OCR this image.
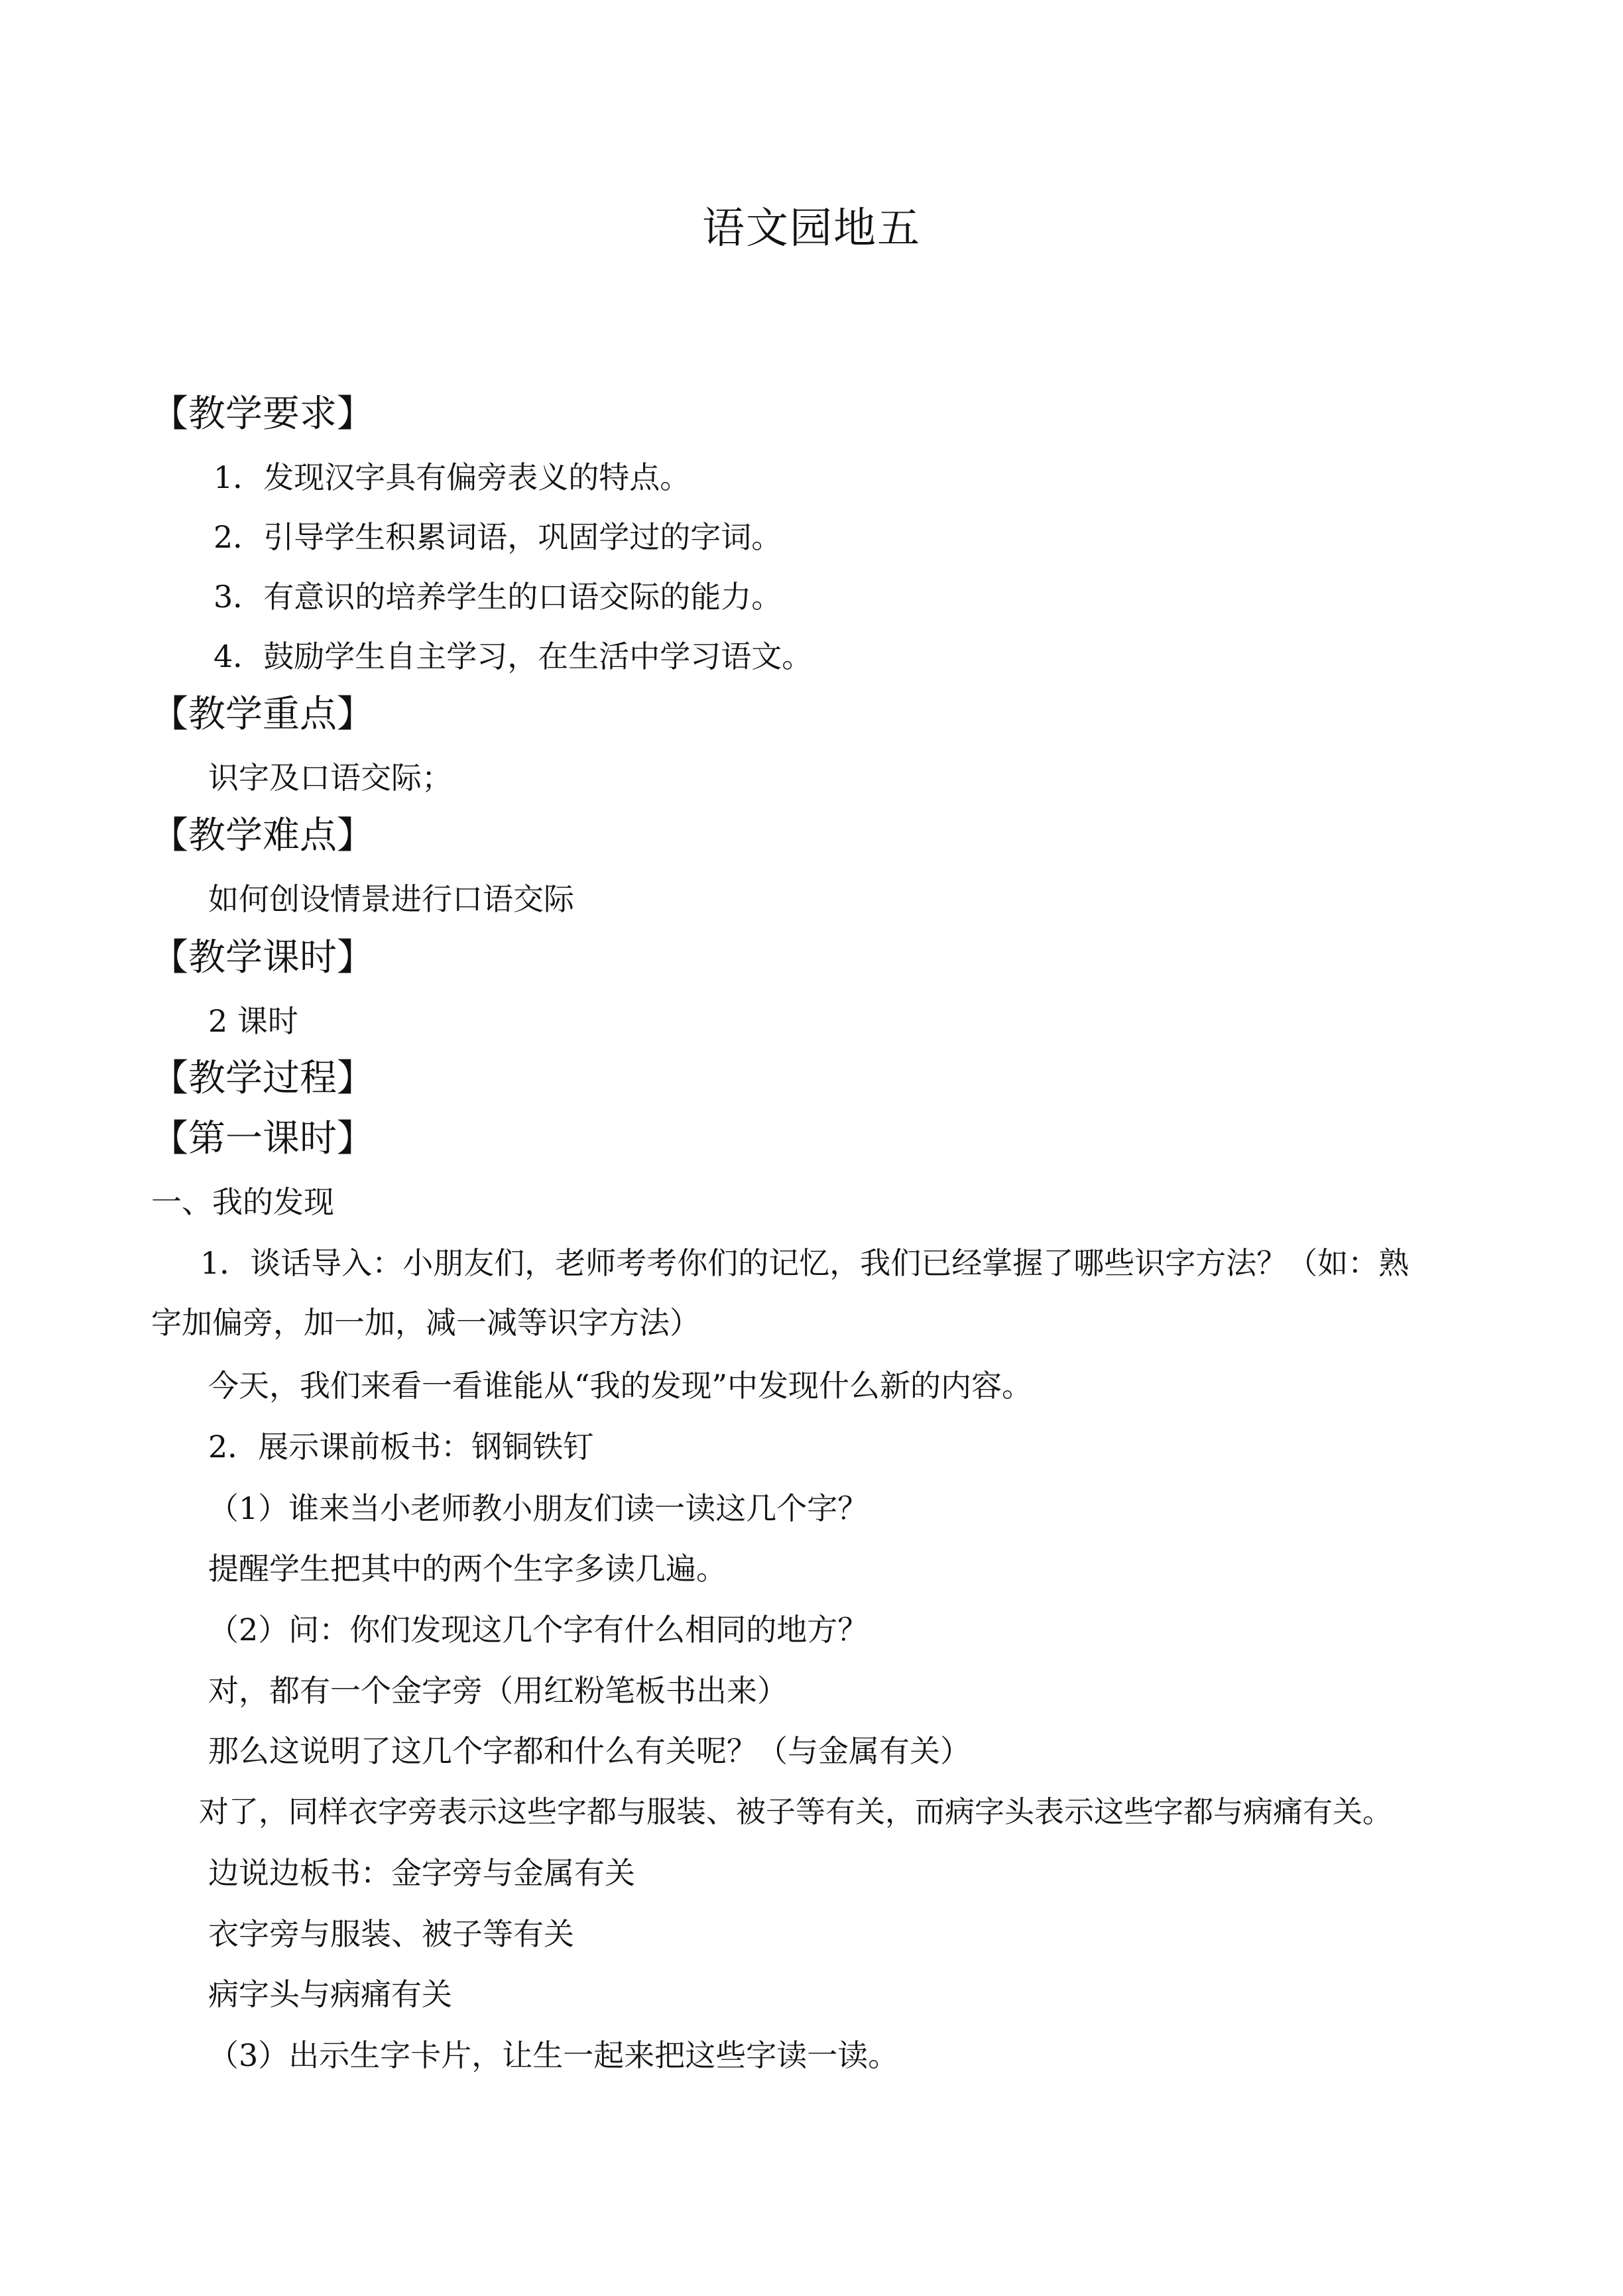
语文园地五
【教学要求】
1．发现汉字具有偏旁表义的特点。
2．引导学生积累词语，巩固学过的字词。
3．有意识的培养学生的口语交际的能力。
4．鼓励学生自主学习，在生活中学习语文。
【教学重点】
识字及口语交际；
【教学难点】
如何创设情景进行口语交际
【教学课时】
2 课时
【教学过程】
【第一课时】
一、我的发现
1．谈话导入：小朋友们，老师考考你们的记忆，我们已经掌握了哪些识字方法？（如：熟
字加偏旁，加一加，减一减等识字方法）
今天，我们来看一看谁能从“我的发现”中发现什么新的内容。
2．展示课前板书：钢铜铁钉
（1）谁来当小老师教小朋友们读一读这几个字？
提醒学生把其中的两个生字多读几遍。
（2）问：你们发现这几个字有什么相同的地方？
对，都有一个金字旁（用红粉笔板书出来）
那么这说明了这几个字都和什么有关呢？（与金属有关）
对了，同样衣字旁表示这些字都与服装、被子等有关，而病字头表示这些字都与病痛有关。
边说边板书：金字旁与金属有关
衣字旁与服装、被子等有关
病字头与病痛有关
（3）出示生字卡片，让生一起来把这些字读一读。
